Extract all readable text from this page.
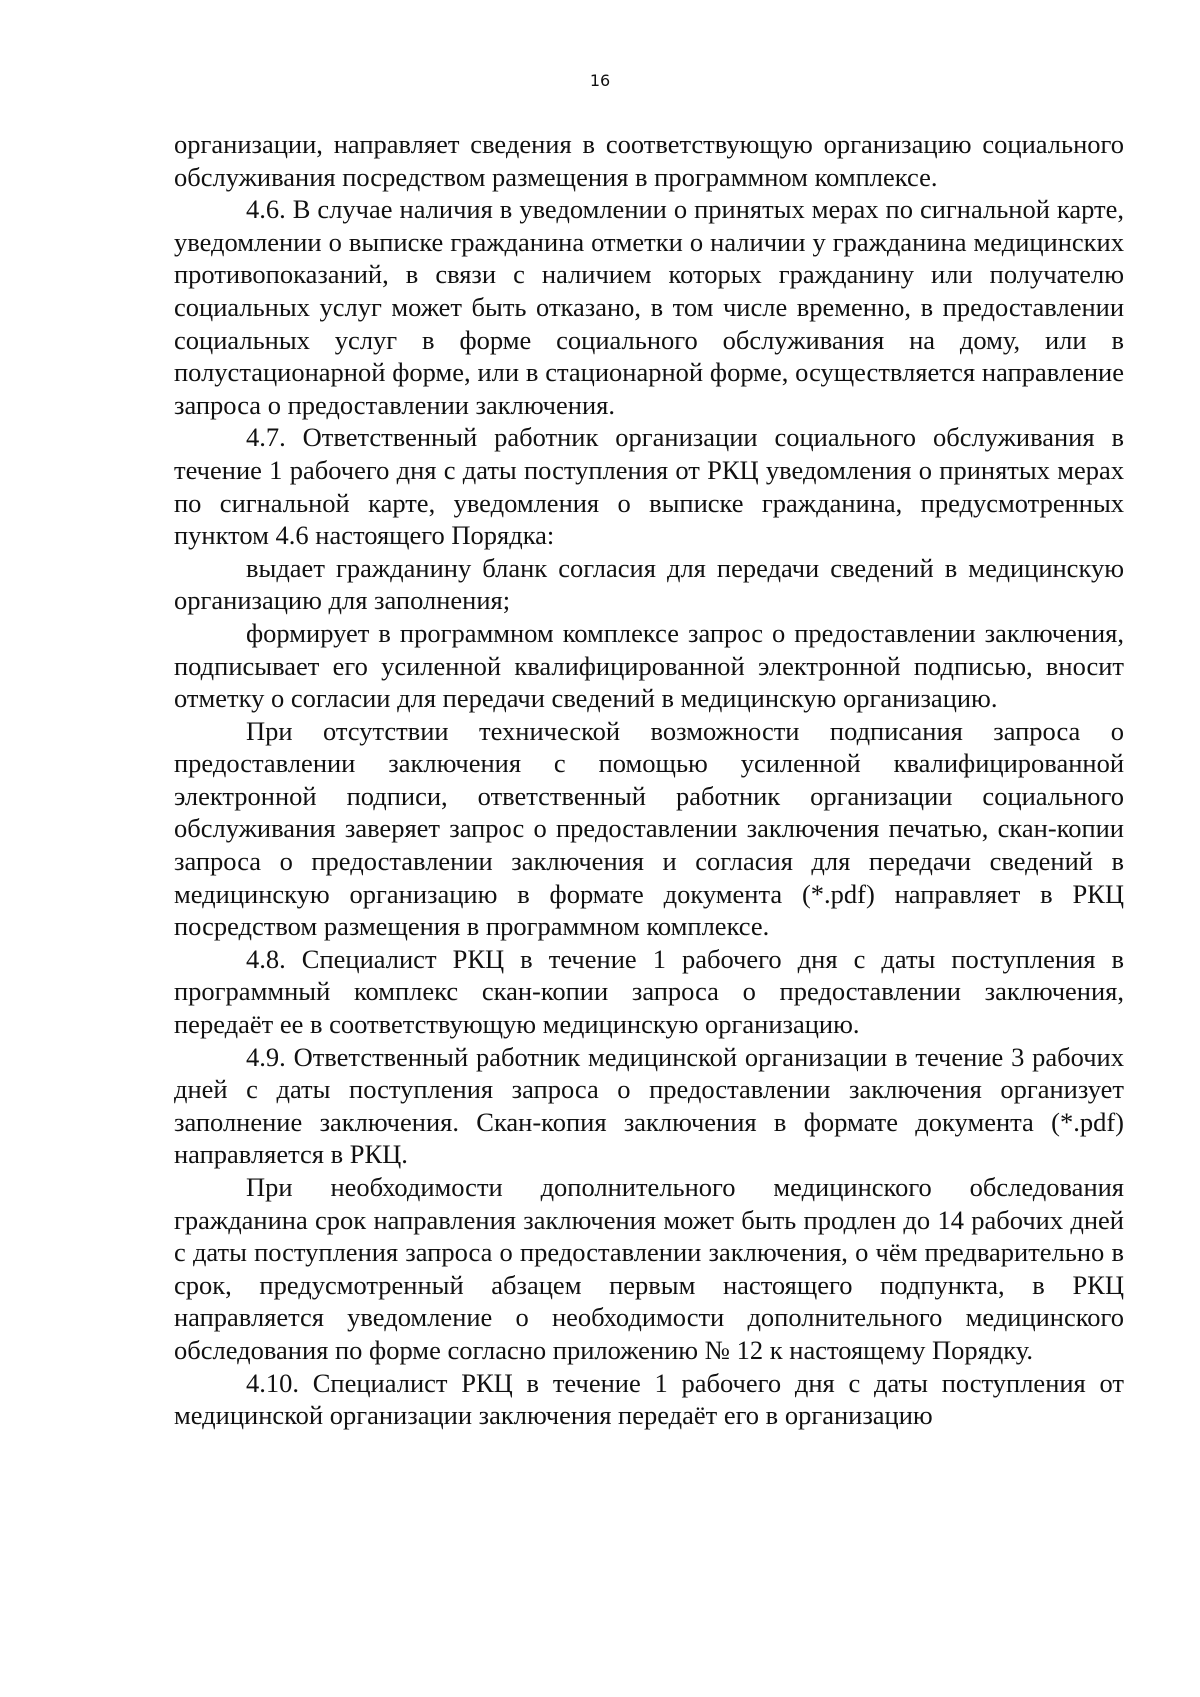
16

организации, направляет сведения в соответствующую организацию социального обслуживания посредством размещения в программном комплексе.

4.6. В случае наличия в уведомлении о принятых мерах по сигнальной карте, уведомлении о выписке гражданина отметки о наличии у гражданина медицинских противопоказаний, в связи с наличием которых гражданину или получателю социальных услуг может быть отказано, в том числе временно, в предоставлении социальных услуг в форме социального обслуживания на дому, или в полустационарной форме, или в стационарной форме, осуществляется направление запроса о предоставлении заключения.

4.7. Ответственный работник организации социального обслуживания в течение 1 рабочего дня с даты поступления от РКЦ уведомления о принятых мерах по сигнальной карте, уведомления о выписке гражданина, предусмотренных пунктом 4.6 настоящего Порядка:

выдает гражданину бланк согласия для передачи сведений в медицинскую организацию для заполнения;

формирует в программном комплексе запрос о предоставлении заключения, подписывает его усиленной квалифицированной электронной подписью, вносит отметку о согласии для передачи сведений в медицинскую организацию.

При отсутствии технической возможности подписания запроса о предоставлении заключения с помощью усиленной квалифицированной электронной подписи, ответственный работник организации социального обслуживания заверяет запрос о предоставлении заключения печатью, скан-копии запроса о предоставлении заключения и согласия для передачи сведений в медицинскую организацию в формате документа (*.pdf) направляет в РКЦ посредством размещения в программном комплексе.

4.8. Специалист РКЦ в течение 1 рабочего дня с даты поступления в программный комплекс скан-копии запроса о предоставлении заключения, передаёт ее в соответствующую медицинскую организацию.

4.9. Ответственный работник медицинской организации в течение 3 рабочих дней с даты поступления запроса о предоставлении заключения организует заполнение заключения. Скан-копия заключения в формате документа (*.pdf) направляется в РКЦ.

При необходимости дополнительного медицинского обследования гражданина срок направления заключения может быть продлен до 14 рабочих дней с даты поступления запроса о предоставлении заключения, о чём предварительно в срок, предусмотренный абзацем первым настоящего подпункта, в РКЦ направляется уведомление о необходимости дополнительного медицинского обследования по форме согласно приложению № 12 к настоящему Порядку.

4.10. Специалист РКЦ в течение 1 рабочего дня с даты поступления от медицинской организации заключения передаёт его в организацию
